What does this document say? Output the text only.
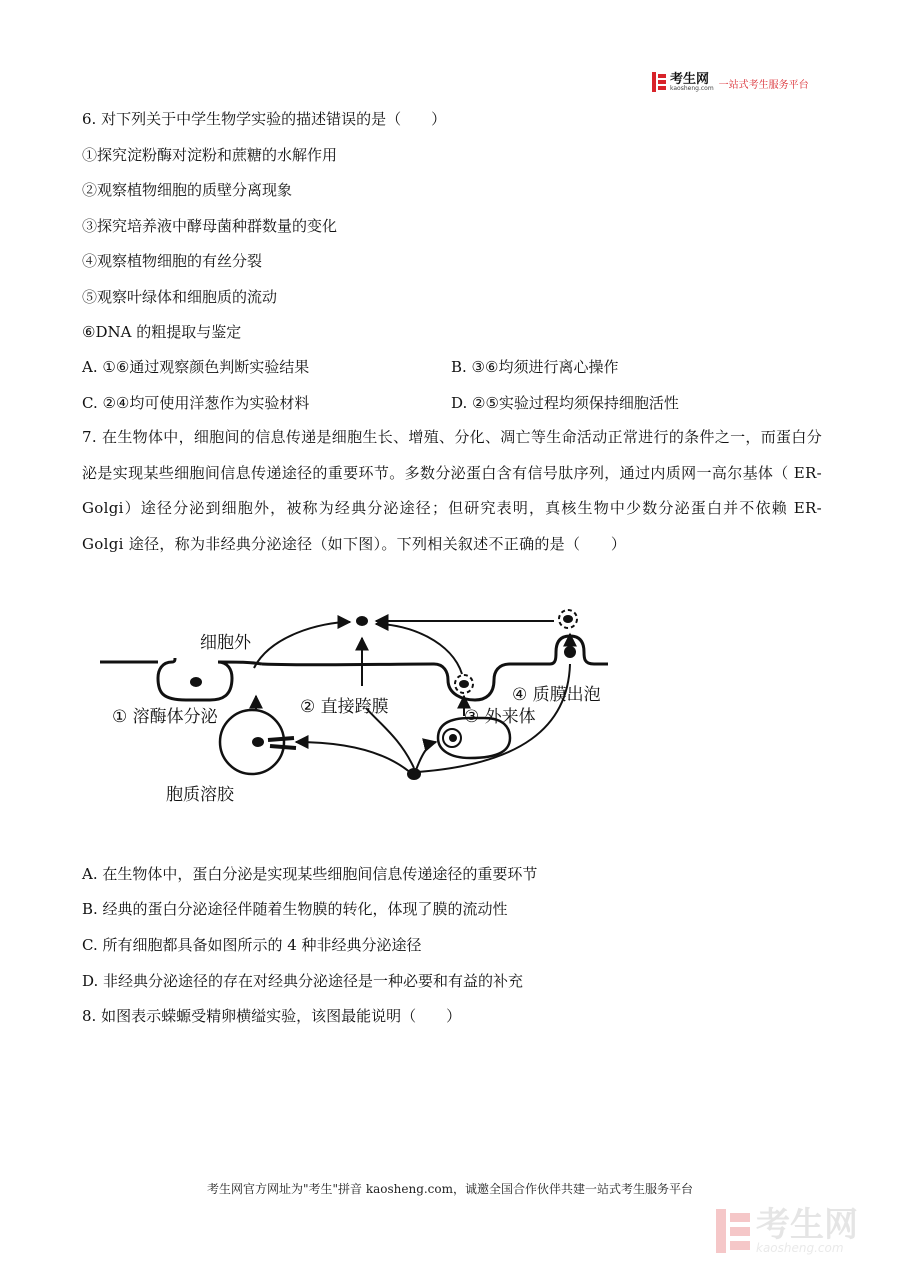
考生网
kaosheng.com 一站式考生服务平台
6. 对下列关于中学生物学实验的描述错误的是（　　）
①探究淀粉酶对淀粉和蔗糖的水解作用
②观察植物细胞的质壁分离现象
③探究培养液中酵母菌种群数量的变化
④观察植物细胞的有丝分裂
⑤观察叶绿体和细胞质的流动
⑥DNA 的粗提取与鉴定
A. ①⑥通过观察颜色判断实验结果	B. ③⑥均须进行离心操作
C. ②④均可使用洋葱作为实验材料	D. ②⑤实验过程均须保持细胞活性
7. 在生物体中，细胞间的信息传递是细胞生长、增殖、分化、凋亡等生命活动正常进行的条件之一，而蛋白分泌是实现某些细胞间信息传递途径的重要环节。多数分泌蛋白含有信号肽序列，通过内质网一高尔基体（ ER-Golgi）途径分泌到细胞外，被称为经典分泌途径；但研究表明，真核生物中少数分泌蛋白并不依赖 ER-Golgi 途径，称为非经典分泌途径（如下图）。下列相关叙述不正确的是（　　）
细胞外
① 溶酶体分泌	② 直接跨膜	③ 外来体
④ 质膜出泡
胞质溶胶
A. 在生物体中，蛋白分泌是实现某些细胞间信息传递途径的重要环节
B. 经典的蛋白分泌途径伴随着生物膜的转化，体现了膜的流动性
C. 所有细胞都具备如图所示的 4 种非经典分泌途径
D. 非经典分泌途径的存在对经典分泌途径是一种必要和有益的补充
8. 如图表示蝾螈受精卵横缢实验，该图最能说明（　　）
考生网官方网址为"考生"拼音 kaosheng.com，诚邀全国合作伙伴共建一站式考生服务平台
考生网
kaosheng.com
